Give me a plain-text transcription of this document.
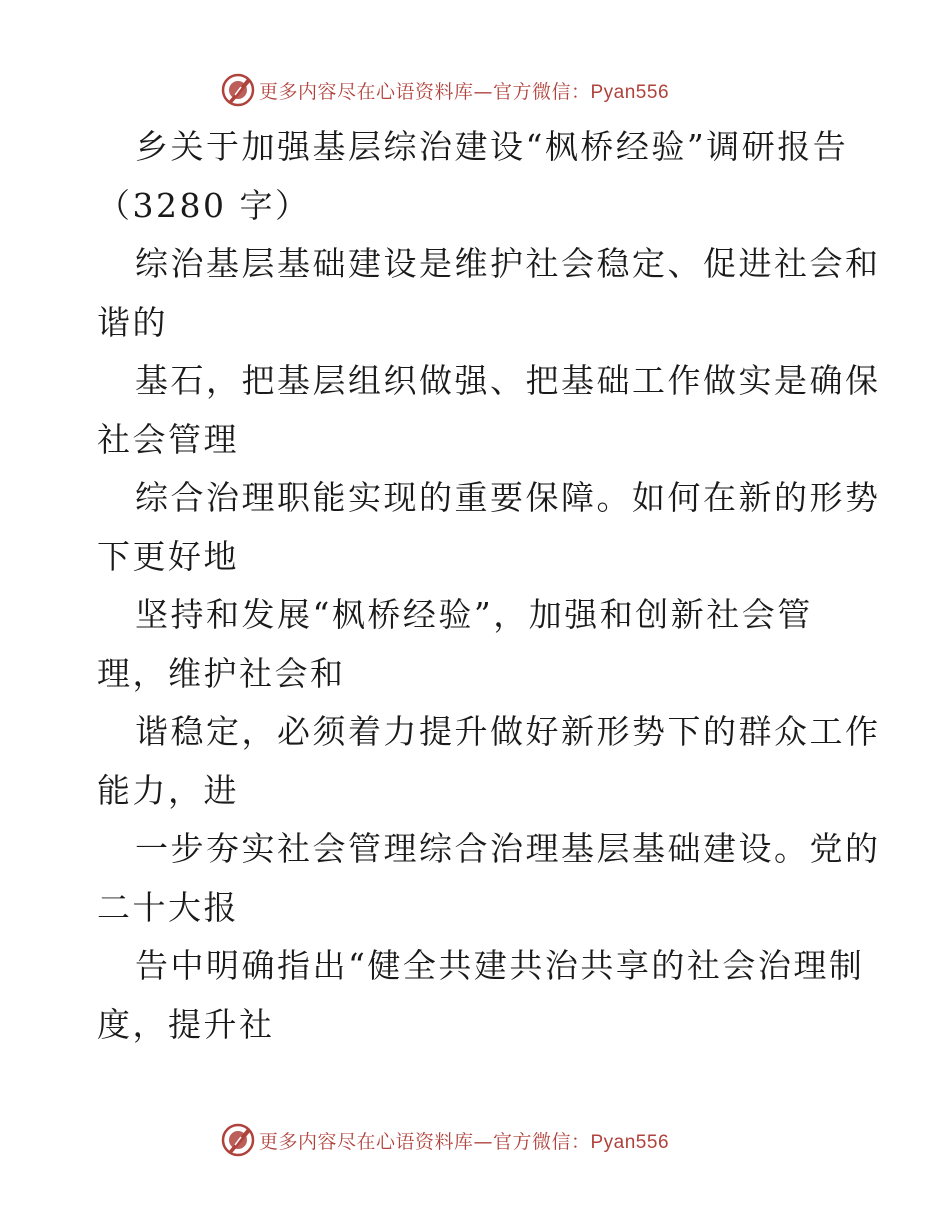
更多内容尽在心语资料库—官方微信：Pyan556
乡关于加强基层综治建设“枫桥经验”调研报告
（3280 字）
综治基层基础建设是维护社会稳定、促进社会和
谐的
基石，把基层组织做强、把基础工作做实是确保
社会管理
综合治理职能实现的重要保障。如何在新的形势
下更好地
坚持和发展“枫桥经验”，加强和创新社会管
理，维护社会和
谐稳定，必须着力提升做好新形势下的群众工作
能力，进
一步夯实社会管理综合治理基层基础建设。党的
二十大报
告中明确指出“健全共建共治共享的社会治理制
度，提升社
更多内容尽在心语资料库—官方微信：Pyan556
